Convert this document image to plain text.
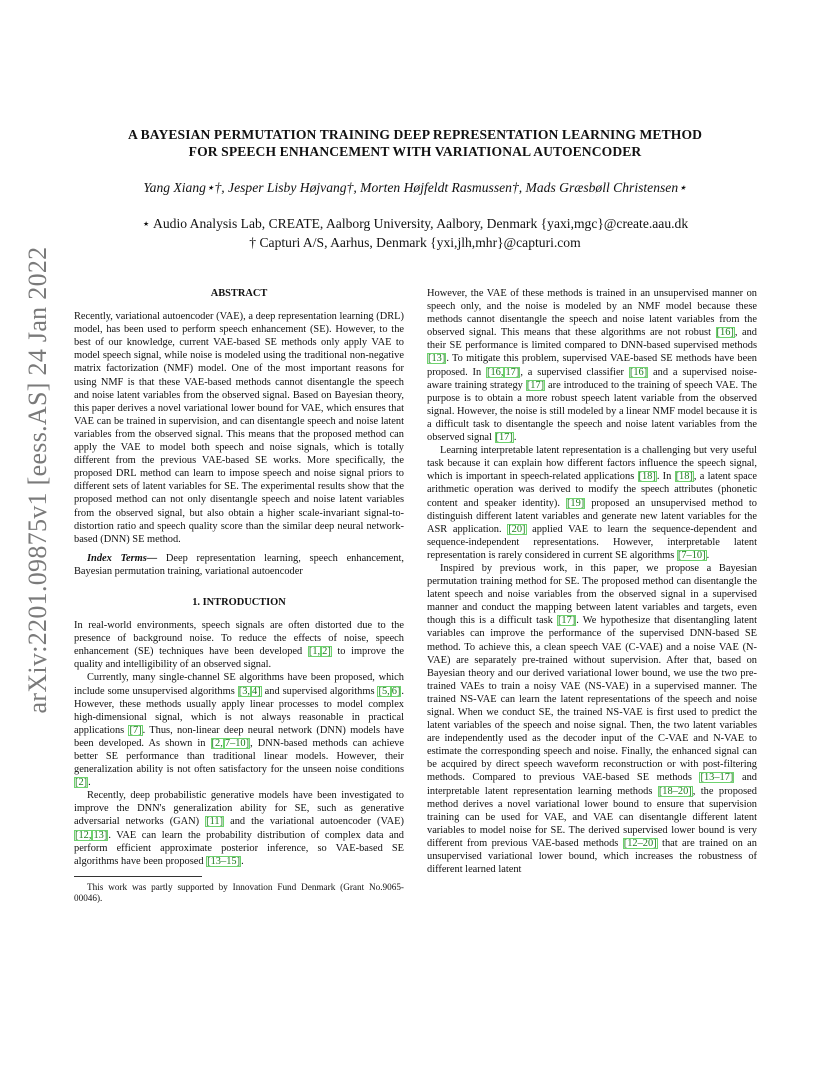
arXiv:2201.09875v1 [eess.AS] 24 Jan 2022
A BAYESIAN PERMUTATION TRAINING DEEP REPRESENTATION LEARNING METHOD
FOR SPEECH ENHANCEMENT WITH VARIATIONAL AUTOENCODER
Yang Xiang⋆†, Jesper Lisby Højvang†, Morten Højfeldt Rasmussen†, Mads Græsbøll Christensen⋆
⋆ Audio Analysis Lab, CREATE, Aalborg University, Aalbory, Denmark {yaxi,mgc}@create.aau.dk
† Capturi A/S, Aarhus, Denmark {yxi,jlh,mhr}@capturi.com
ABSTRACT

Recently, variational autoencoder (VAE), a deep representation learning (DRL) model, has been used to perform speech enhancement (SE). However, to the best of our knowledge, current VAE-based SE methods only apply VAE to model speech signal, while noise is modeled using the traditional non-negative matrix factorization (NMF) model. One of the most important reasons for using NMF is that these VAE-based methods cannot disentangle the speech and noise latent variables from the observed signal. Based on Bayesian theory, this paper derives a novel variational lower bound for VAE, which ensures that VAE can be trained in supervision, and can disentangle speech and noise latent variables from the observed signal. This means that the proposed method can apply the VAE to model both speech and noise signals, which is totally different from the previous VAE-based SE works. More specifically, the proposed DRL method can learn to impose speech and noise signal priors to different sets of latent variables for SE. The experimental results show that the proposed method can not only disentangle speech and noise latent variables from the observed signal, but also obtain a higher scale-invariant signal-to-distortion ratio and speech quality score than the similar deep neural network-based (DNN) SE method.

Index Terms— Deep representation learning, speech enhancement, Bayesian permutation training, variational autoencoder

1. INTRODUCTION

In real-world environments, speech signals are often distorted due to the presence of background noise. To reduce the effects of noise, speech enhancement (SE) techniques have been developed [1, 2] to improve the quality and intelligibility of an observed signal.

Currently, many single-channel SE algorithms have been proposed, which include some unsupervised algorithms [3, 4] and supervised algorithms [5, 6]. However, these methods usually apply linear processes to model complex high-dimensional signal, which is not always reasonable in practical applications [7]. Thus, non-linear deep neural network (DNN) models have been developed. As shown in [2, 7–10], DNN-based methods can achieve better SE performance than traditional linear models. However, their generalization ability is not often satisfactory for the unseen noise conditions [2].

Recently, deep probabilistic generative models have been investigated to improve the DNN's generalization ability for SE, such as generative adversarial networks (GAN) [11] and the variational autoencoder (VAE) [12, 13]. VAE can learn the probability distribution of complex data and perform efficient approximate posterior inference, so VAE-based SE algorithms have been proposed [13–15].

This work was partly supported by Innovation Fund Denmark (Grant No.9065-00046).

However, the VAE of these methods is trained in an unsupervised manner on speech only, and the noise is modeled by an NMF model because these methods cannot disentangle the speech and noise latent variables from the observed signal. This means that these algorithms are not robust [16], and their SE performance is limited compared to DNN-based supervised methods [13]. To mitigate this problem, supervised VAE-based SE methods have been proposed. In [16, 17], a supervised classifier [16] and a supervised noise-aware training strategy [17] are introduced to the training of speech VAE. The purpose is to obtain a more robust speech latent variable from the observed signal. However, the noise is still modeled by a linear NMF model because it is a difficult task to disentangle the speech and noise latent variables from the observed signal [17].

Learning interpretable latent representation is a challenging but very useful task because it can explain how different factors influence the speech signal, which is important in speech-related applications [18]. In [18], a latent space arithmetic operation was derived to modify the speech attributes (phonetic content and speaker identity). [19] proposed an unsupervised method to distinguish different latent variables and generate new latent variables for the ASR application. [20] applied VAE to learn the sequence-dependent and sequence-independent representations. However, interpretable latent representation is rarely considered in current SE algorithms [7–10].

Inspired by previous work, in this paper, we propose a Bayesian permutation training method for SE. The proposed method can disentangle the latent speech and noise variables from the observed signal in a supervised manner and conduct the mapping between latent variables and targets, even though this is a difficult task [17]. We hypothesize that disentangling latent variables can improve the performance of the supervised DNN-based SE method. To achieve this, a clean speech VAE (C-VAE) and a noise VAE (N-VAE) are separately pre-trained without supervision. After that, based on Bayesian theory and our derived variational lower bound, we use the two pre-trained VAEs to train a noisy VAE (NS-VAE) in a supervised manner. The trained NS-VAE can learn the latent representations of the speech and noise signal. When we conduct SE, the trained NS-VAE is first used to predict the latent variables of the speech and noise signal. Then, the two latent variables are independently used as the decoder input of the C-VAE and N-VAE to estimate the corresponding speech and noise. Finally, the enhanced signal can be acquired by direct speech waveform reconstruction or with post-filtering methods. Compared to previous VAE-based SE methods [13–17] and interpretable latent representation learning methods [18–20], the proposed method derives a novel variational lower bound to ensure that supervision training can be used for VAE, and VAE can disentangle different latent variables to model noise for SE. The derived supervised lower bound is very different from previous VAE-based methods [12–20] that are trained on an unsupervised variational lower bound, which increases the robustness of different learned latent
